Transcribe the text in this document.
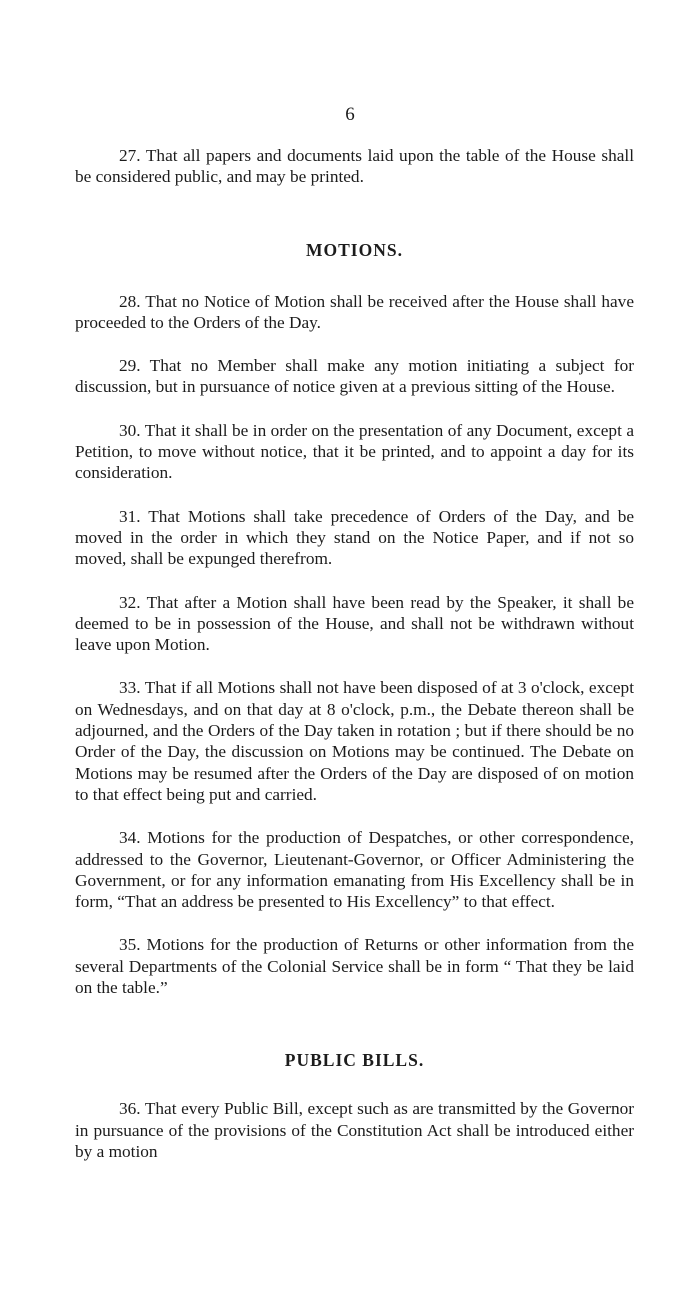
6

27. That all papers and documents laid upon the table of the House shall be considered public, and may be printed.

MOTIONS.

28. That no Notice of Motion shall be received after the House shall have proceeded to the Orders of the Day.

29. That no Member shall make any motion initiating a subject for discussion, but in pursuance of notice given at a previous sitting of the House.

30. That it shall be in order on the presentation of any Document, except a Petition, to move without notice, that it be printed, and to appoint a day for its consideration.

31. That Motions shall take precedence of Orders of the Day, and be moved in the order in which they stand on the Notice Paper, and if not so moved, shall be expunged therefrom.

32. That after a Motion shall have been read by the Speaker, it shall be deemed to be in possession of the House, and shall not be withdrawn without leave upon Motion.

33. That if all Motions shall not have been disposed of at 3 o'clock, except on Wednesdays, and on that day at 8 o'clock, p.m., the Debate thereon shall be adjourned, and the Orders of the Day taken in rotation ; but if there should be no Order of the Day, the discussion on Motions may be continued. The Debate on Motions may be resumed after the Orders of the Day are disposed of on motion to that effect being put and carried.

34. Motions for the production of Despatches, or other correspondence, addressed to the Governor, Lieutenant-Governor, or Officer Administering the Government, or for any information emanating from His Excellency shall be in form, “That an address be presented to His Excellency” to that effect.

35. Motions for the production of Returns or other information from the several Departments of the Colonial Service shall be in form “ That they be laid on the table.”

PUBLIC BILLS.

36. That every Public Bill, except such as are transmitted by the Governor in pursuance of the provisions of the Constitution Act shall be introduced either by a motion
